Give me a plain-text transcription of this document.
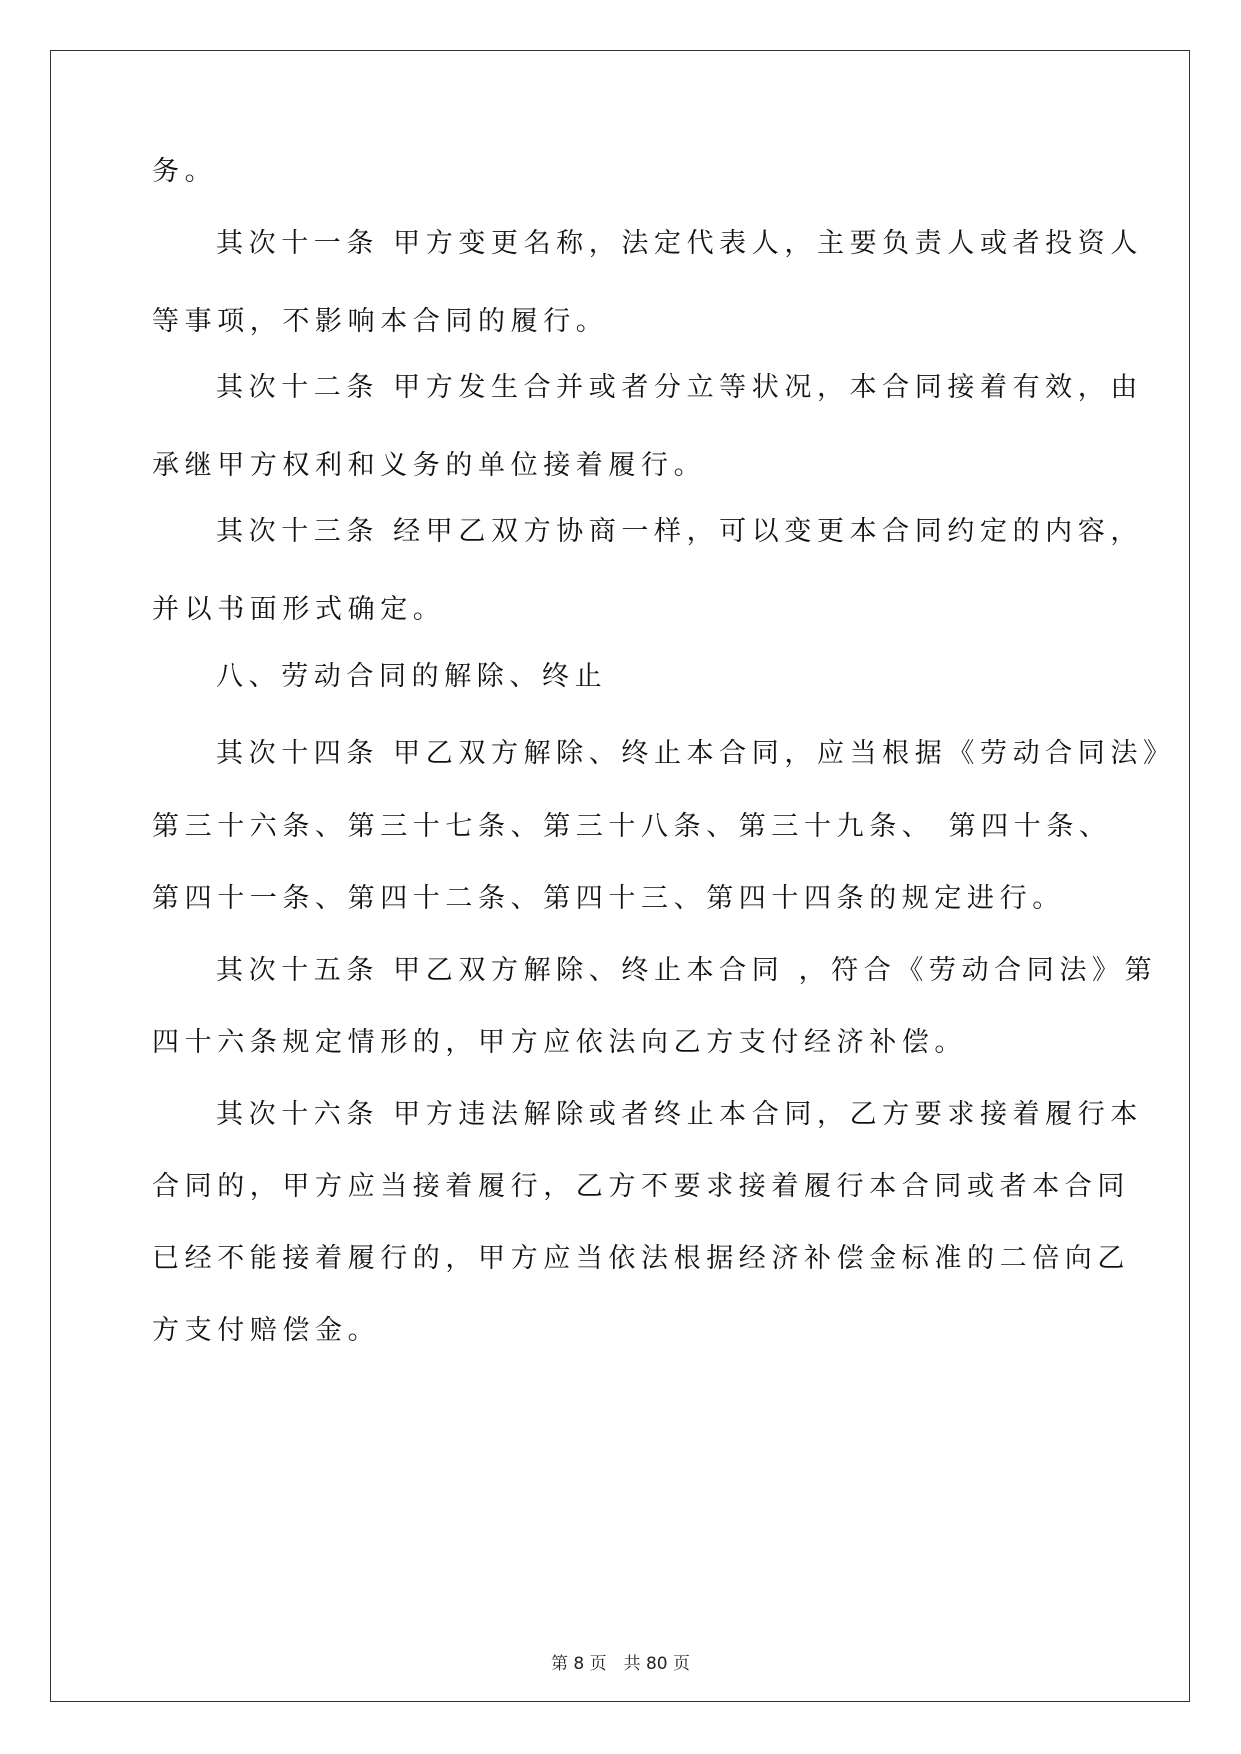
务。
其次十一条 甲方变更名称，法定代表人，主要负责人或者投资人
等事项，不影响本合同的履行。
其次十二条 甲方发生合并或者分立等状况，本合同接着有效，由
承继甲方权利和义务的单位接着履行。
其次十三条 经甲乙双方协商一样，可以变更本合同约定的内容，
并以书面形式确定。
八、劳动合同的解除、终止
其次十四条 甲乙双方解除、终止本合同，应当根据《劳动合同法》
第三十六条、第三十七条、第三十八条、第三十九条、 第四十条、
第四十一条、第四十二条、第四十三、第四十四条的规定进行。
其次十五条 甲乙双方解除、终止本合同 ，符合《劳动合同法》第
四十六条规定情形的，甲方应依法向乙方支付经济补偿。
其次十六条 甲方违法解除或者终止本合同，乙方要求接着履行本
合同的，甲方应当接着履行，乙方不要求接着履行本合同或者本合同
已经不能接着履行的，甲方应当依法根据经济补偿金标准的二倍向乙
方支付赔偿金。
第 8 页　共 80 页
